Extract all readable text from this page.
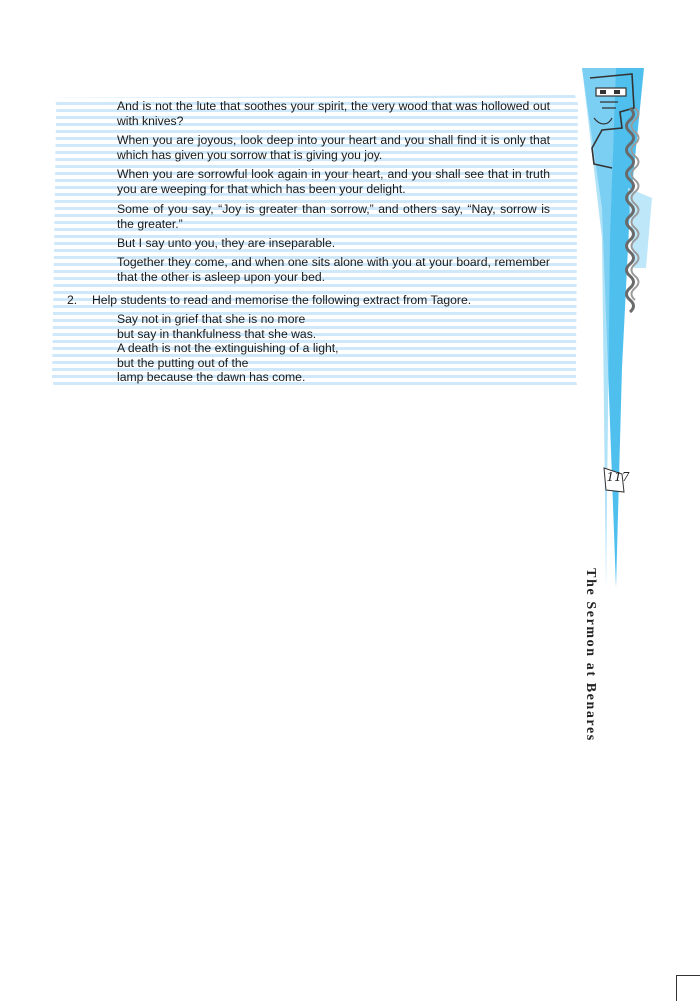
And is not the lute that soothes your spirit, the very wood that was hollowed out with knives?
When you are joyous, look deep into your heart and you shall find it is only that which has given you sorrow that is giving you joy.
When you are sorrowful look again in your heart, and you shall see that in truth you are weeping for that which has been your delight.
Some of you say, “Joy is greater than sorrow,” and others say, “Nay, sorrow is the greater.”
But I say unto you, they are inseparable.
Together they come, and when one sits alone with you at your board, remember that the other is asleep upon your bed.
2. Help students to read and memorise the following extract from Tagore.
Say not in grief that she is no more
but say in thankfulness that she was.
A death is not the extinguishing of a light,
but the putting out of the
lamp because the dawn has come.
117
The Sermon at Benares
